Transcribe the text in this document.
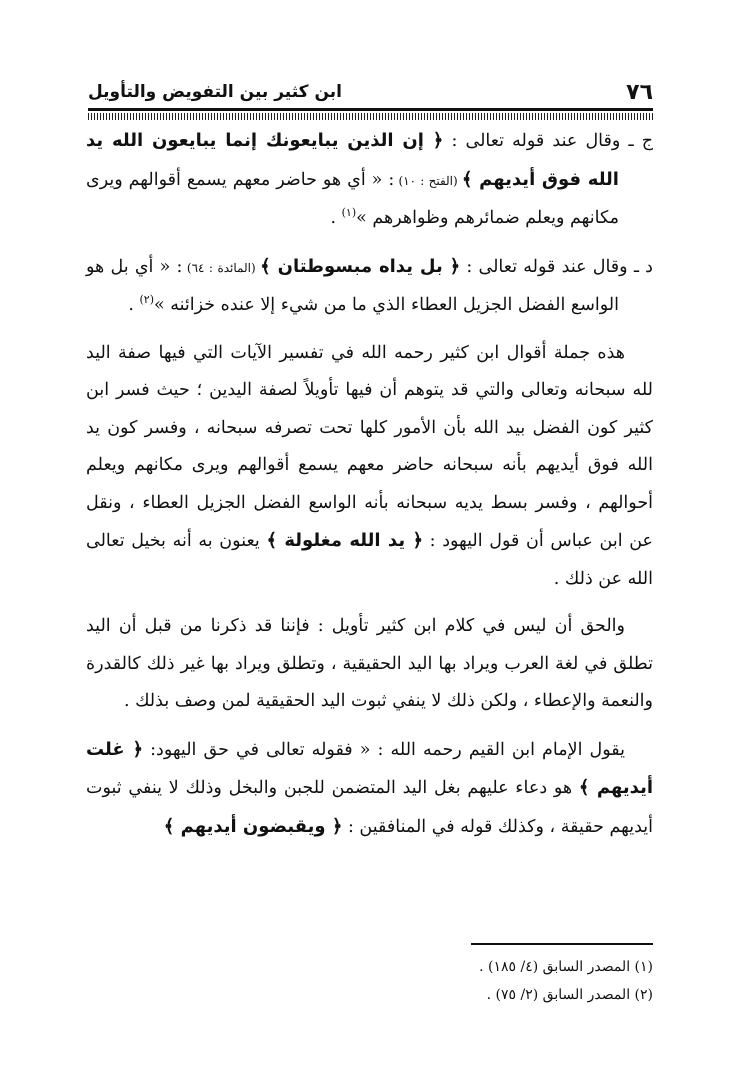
٧٦
ابن كثير بين التفويض والتأويل

ج ـ وقال عند قوله تعالى : ﴿ إن الذين يبايعونك إنما يبايعون الله يد الله فوق أيديهم ﴾ (الفتح : ١٠) : « أي هو حاضر معهم يسمع أقوالهم ويرى مكانهم ويعلم ضمائرهم وظواهرهم »$^{(١)}$ .

د ـ وقال عند قوله تعالى : ﴿ بل يداه مبسوطتان ﴾ (المائدة : ٦٤) : « أي بل هو الواسع الفضل الجزيل العطاء الذي ما من شيء إلا عنده خزائنه »$^{(٢)}$ .

هذه جملة أقوال ابن كثير رحمه الله في تفسير الآيات التي فيها صفة اليد لله سبحانه وتعالى والتي قد يتوهم أن فيها تأويلاً لصفة اليدين ؛ حيث فسر ابن كثير كون الفضل بيد الله بأن الأمور كلها تحت تصرفه سبحانه ، وفسر كون يد الله فوق أيديهم بأنه سبحانه حاضر معهم يسمع أقوالهم ويرى مكانهم ويعلم أحوالهم ، وفسر بسط يديه سبحانه بأنه الواسع الفضل الجزيل العطاء ، ونقل عن ابن عباس أن قول اليهود : ﴿ يد الله مغلولة ﴾ يعنون به أنه بخيل تعالى الله عن ذلك .

والحق أن ليس في كلام ابن كثير تأويل : فإننا قد ذكرنا من قبل أن اليد تطلق في لغة العرب ويراد بها اليد الحقيقية ، وتطلق ويراد بها غير ذلك كالقدرة والنعمة والإعطاء ، ولكن ذلك لا ينفي ثبوت اليد الحقيقية لمن وصف بذلك .

يقول الإمام ابن القيم رحمه الله : « فقوله تعالى في حق اليهود: ﴿ غلت أيديهم ﴾ هو دعاء عليهم بغل اليد المتضمن للجبن والبخل وذلك لا ينفي ثبوت أيديهم حقيقة ، وكذلك قوله في المنافقين : ﴿ ويقبضون أيديهم ﴾

(١) المصدر السابق (٤/ ١٨٥) .
(٢) المصدر السابق (٢/ ٧٥) .
